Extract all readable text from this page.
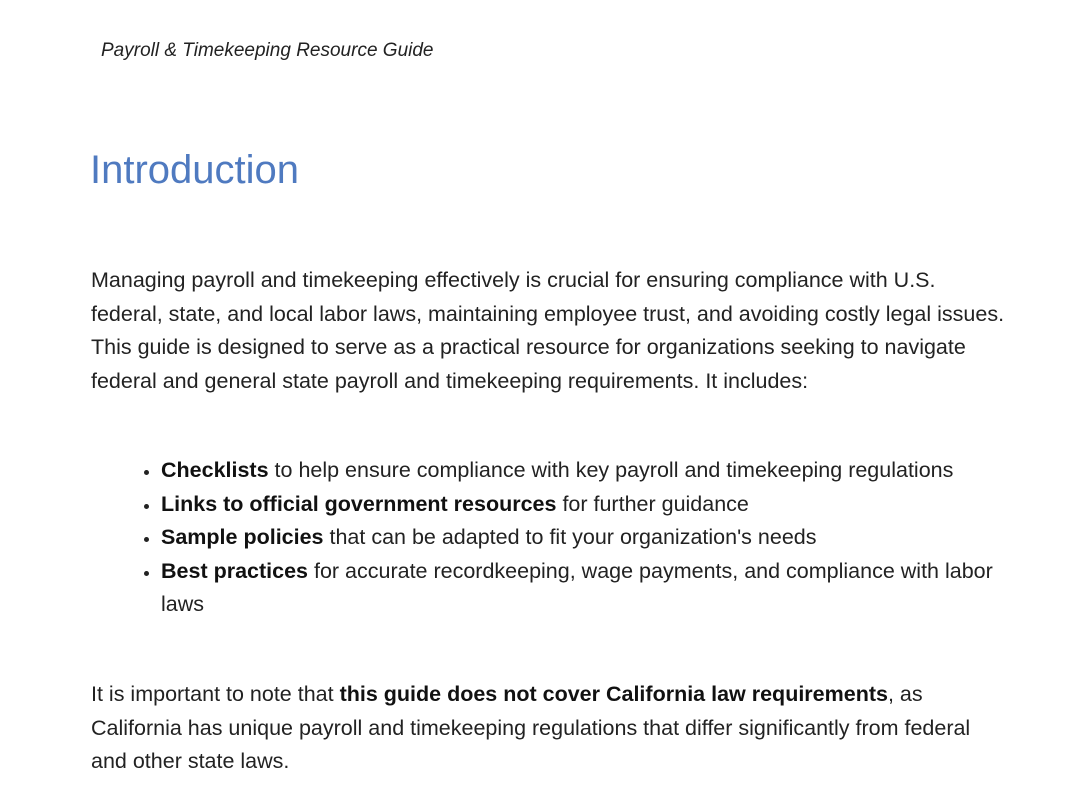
Payroll & Timekeeping Resource Guide
Introduction

Managing payroll and timekeeping effectively is crucial for ensuring compliance with U.S. federal, state, and local labor laws, maintaining employee trust, and avoiding costly legal issues. This guide is designed to serve as a practical resource for organizations seeking to navigate federal and general state payroll and timekeeping requirements. It includes:

• Checklists to help ensure compliance with key payroll and timekeeping regulations
• Links to official government resources for further guidance
• Sample policies that can be adapted to fit your organization's needs
• Best practices for accurate recordkeeping, wage payments, and compliance with labor laws

It is important to note that this guide does not cover California law requirements, as California has unique payroll and timekeeping regulations that differ significantly from federal and other state laws.
